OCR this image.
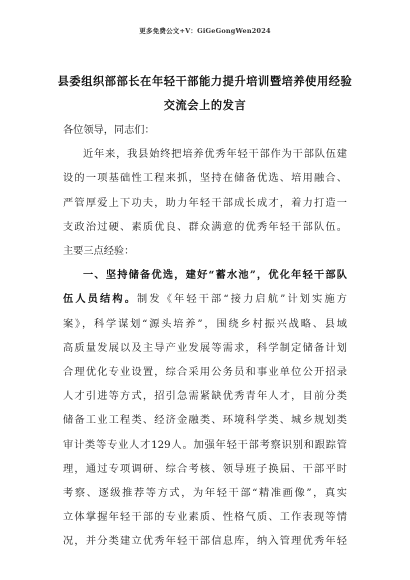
更多免费公文+V：GiGeGongWen2024
县委组织部部长在年轻干部能力提升培训暨培养使用经验
交流会上的发言
各位领导，同志们：
近年来，我县始终把培养优秀年轻干部作为干部队伍建
设的一项基础性工程来抓，坚持在储备优选、培用融合、
严管厚爱上下功夫，助力年轻干部成长成才，着力打造一
支政治过硬、素质优良、群众满意的优秀年轻干部队伍。
主要三点经验：
一、坚持储备优选，建好“蓄水池”，优化年轻干部队
伍人员结构。制发《年轻干部“接力启航”计划实施方
案》，科学谋划“源头培养”，围绕乡村振兴战略、县域
高质量发展以及主导产业发展等需求，科学制定储备计划
合理优化专业设置，综合采用公务员和事业单位公开招录
人才引进等方式，招引急需紧缺优秀青年人才，目前分类
储备工业工程类、经济金融类、环境科学类、城乡规划类
审计类等专业人才129人。加强年轻干部考察识别和跟踪管
理，通过专项调研、综合考核、领导班子换届、干部平时
考察、逐级推荐等方式，为年轻干部“精准画像”，真实
立体掌握年轻干部的专业素质、性格气质、工作表现等情
况，并分类建立优秀年轻干部信息库，纳入管理优秀年轻
